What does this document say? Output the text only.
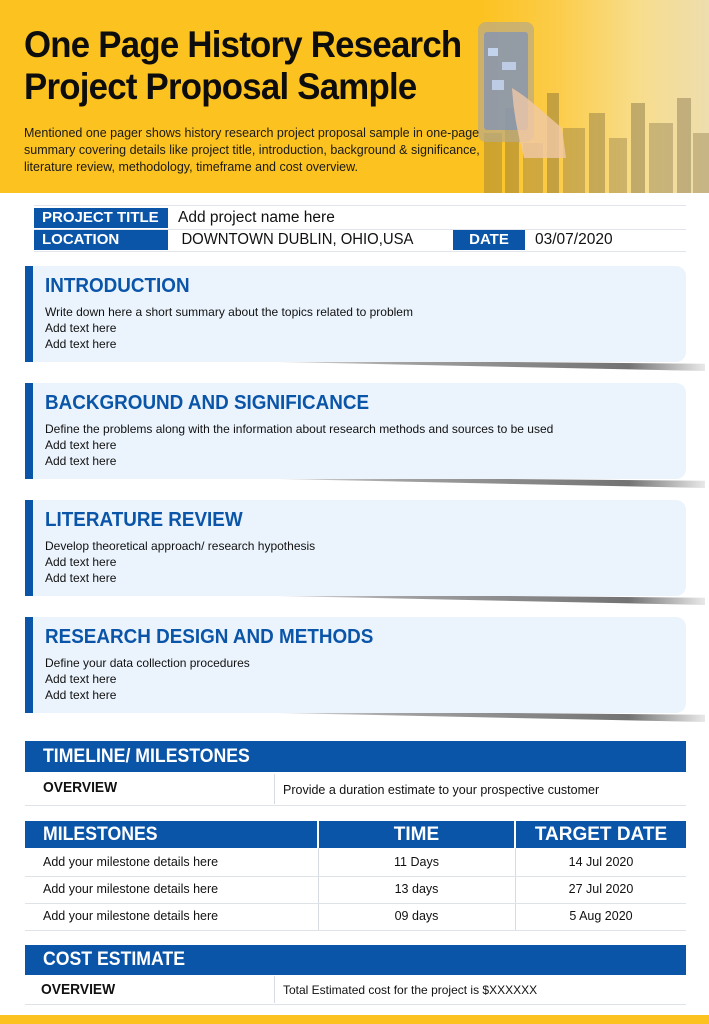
One Page History Research
Project Proposal Sample
Mentioned one pager shows history research project proposal sample in one-page
summary covering details like project title, introduction, background & significance,
literature review, methodology, timeframe and cost overview.
PROJECT TITLE	Add project name here
LOCATION	DOWNTOWN DUBLIN, OHIO,USA	DATE	03/07/2020
INTRODUCTION
Write down here a short summary about the topics related to problem
Add text here
Add text here
BACKGROUND AND SIGNIFICANCE
Define the problems along with the information about research methods and sources to be used
Add text here
Add text here
LITERATURE REVIEW
Develop theoretical approach/ research hypothesis
Add text here
Add text here
RESEARCH DESIGN AND METHODS
Define your data collection procedures
Add text here
Add text here
TIMELINE/ MILESTONES
OVERVIEW	Provide a duration estimate to your prospective customer
MILESTONES	TIME	TARGET DATE
Add your milestone details here	11 Days	14 Jul 2020
Add your milestone details here	13 days	27 Jul 2020
Add your milestone details here	09 days	5 Aug 2020
COST ESTIMATE
OVERVIEW	Total Estimated cost for the project is $XXXXXX
